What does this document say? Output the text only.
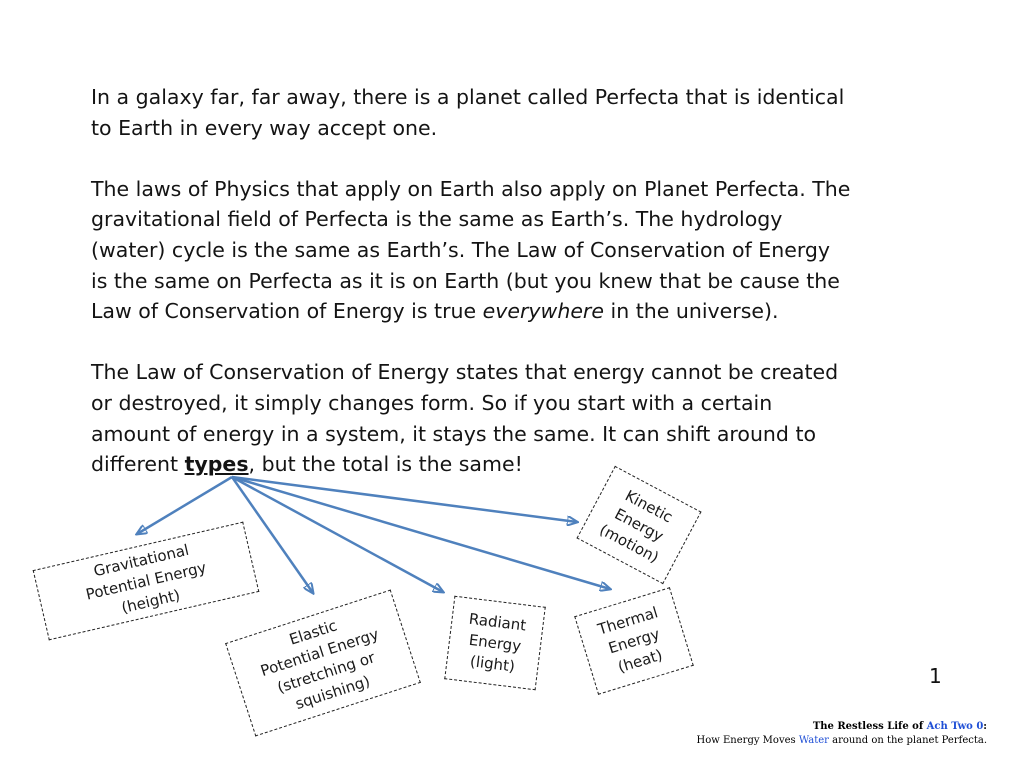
In a galaxy far, far away, there is a planet called Perfecta that is identical to Earth in every way accept one.

The laws of Physics that apply on Earth also apply on Planet Perfecta. The gravitational field of Perfecta is the same as Earth’s. The hydrology (water) cycle is the same as Earth’s. The Law of Conservation of Energy is the same on Perfecta as it is on Earth (but you knew that be cause the Law of Conservation of Energy is true everywhere in the universe).

The Law of Conservation of Energy states that energy cannot be created or destroyed, it simply changes form. So if you start with a certain amount of energy in a system, it stays the same. It can shift around to different types, but the total is the same!

Gravitational
Potential Energy
(height)
Elastic
Potential Energy
(stretching or
squishing)
Radiant
Energy
(light)
Thermal
Energy
(heat)
Kinetic
Energy
(motion)
1
The Restless Life of Ach Two 0:
How Energy Moves Water around on the planet Perfecta.
